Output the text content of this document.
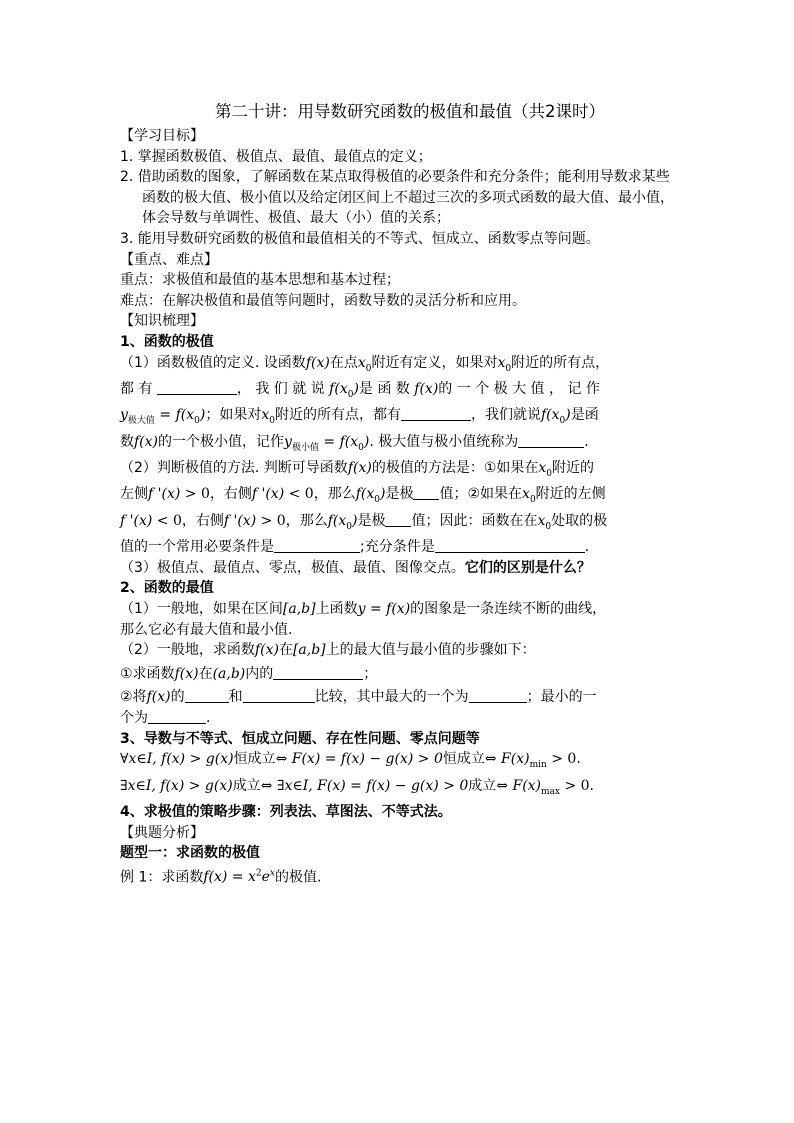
第二十讲：用导数研究函数的极值和最值（共2课时）
【学习目标】
1. 掌握函数极值、极值点、最值、最值点的定义；
2. 借助函数的图象，了解函数在某点取得极值的必要条件和充分条件；能利用导数求某些函数的极大值、极小值以及给定闭区间上不超过三次的多项式函数的最大值、最小值，体会导数与单调性、极值、最大（小）值的关系；
3. 能用导数研究函数的极值和最值相关的不等式、恒成立、函数零点等问题。
【重点、难点】
重点：求极值和最值的基本思想和基本过程；
难点：在解决极值和最值等问题时，函数导数的灵活分析和应用。
【知识梳理】
1、函数的极值
（1）函数极值的定义. 设函数f(x)在点$x_0$附近有定义，如果对$x_0$附近的所有点，
都 有	， 我 们 就 说 $f(x_0)$是 函 数 f(x)的 一 个 极 大 值 ， 记 作
$y_{极大值} = f(x_0)$；如果对$x_0$附近的所有点，都有	，我们就说$f(x_0)$是函
数f(x)的一个极小值，记作$y_{极小值} = f(x_0)$. 极大值与极小值统称为	.
（2）判断极值的方法. 判断可导函数f(x)的极值的方法是：①如果在$x_0$附近的
左侧f '(x) > 0，右侧f '(x) < 0，那么$f(x_0)$是极 值；②如果在$x_0$附近的左侧
f '(x) < 0，右侧f '(x) > 0，那么$f(x_0)$是极 值；因此：函数在在$x_0$处取的极
值的一个常用必要条件是	;充分条件是	.
（3）极值点、最值点、零点，极值、最值、图像交点。它们的区别是什么？
2、函数的最值
（1）一般地，如果在区间[a,b]上函数y = f(x)的图象是一条连续不断的曲线，
那么它必有最大值和最小值.
（2）一般地，求函数f(x)在[a,b]上的最大值与最小值的步骤如下：
①求函数f(x)在(a,b)内的	；
②将f(x)的	和	比较，其中最大的一个为	；最小的一
个为	.
3、导数与不等式、恒成立问题、存在性问题、零点问题等
∀x∈I, f(x) > g(x)恒成立⇔ F(x) = f(x) − g(x) > 0恒成立⇔ $F(x)_{min} > 0$.
∃x∈I, f(x) > g(x)成立⇔ ∃x∈I, F(x) = f(x) − g(x) > 0成立⇔ $F(x)_{max} > 0$.
4、求极值的策略步骤：列表法、草图法、不等式法。
【典题分析】
题型一：求函数的极值
例 1：求函数$f(x) = x^2e^x$的极值.
